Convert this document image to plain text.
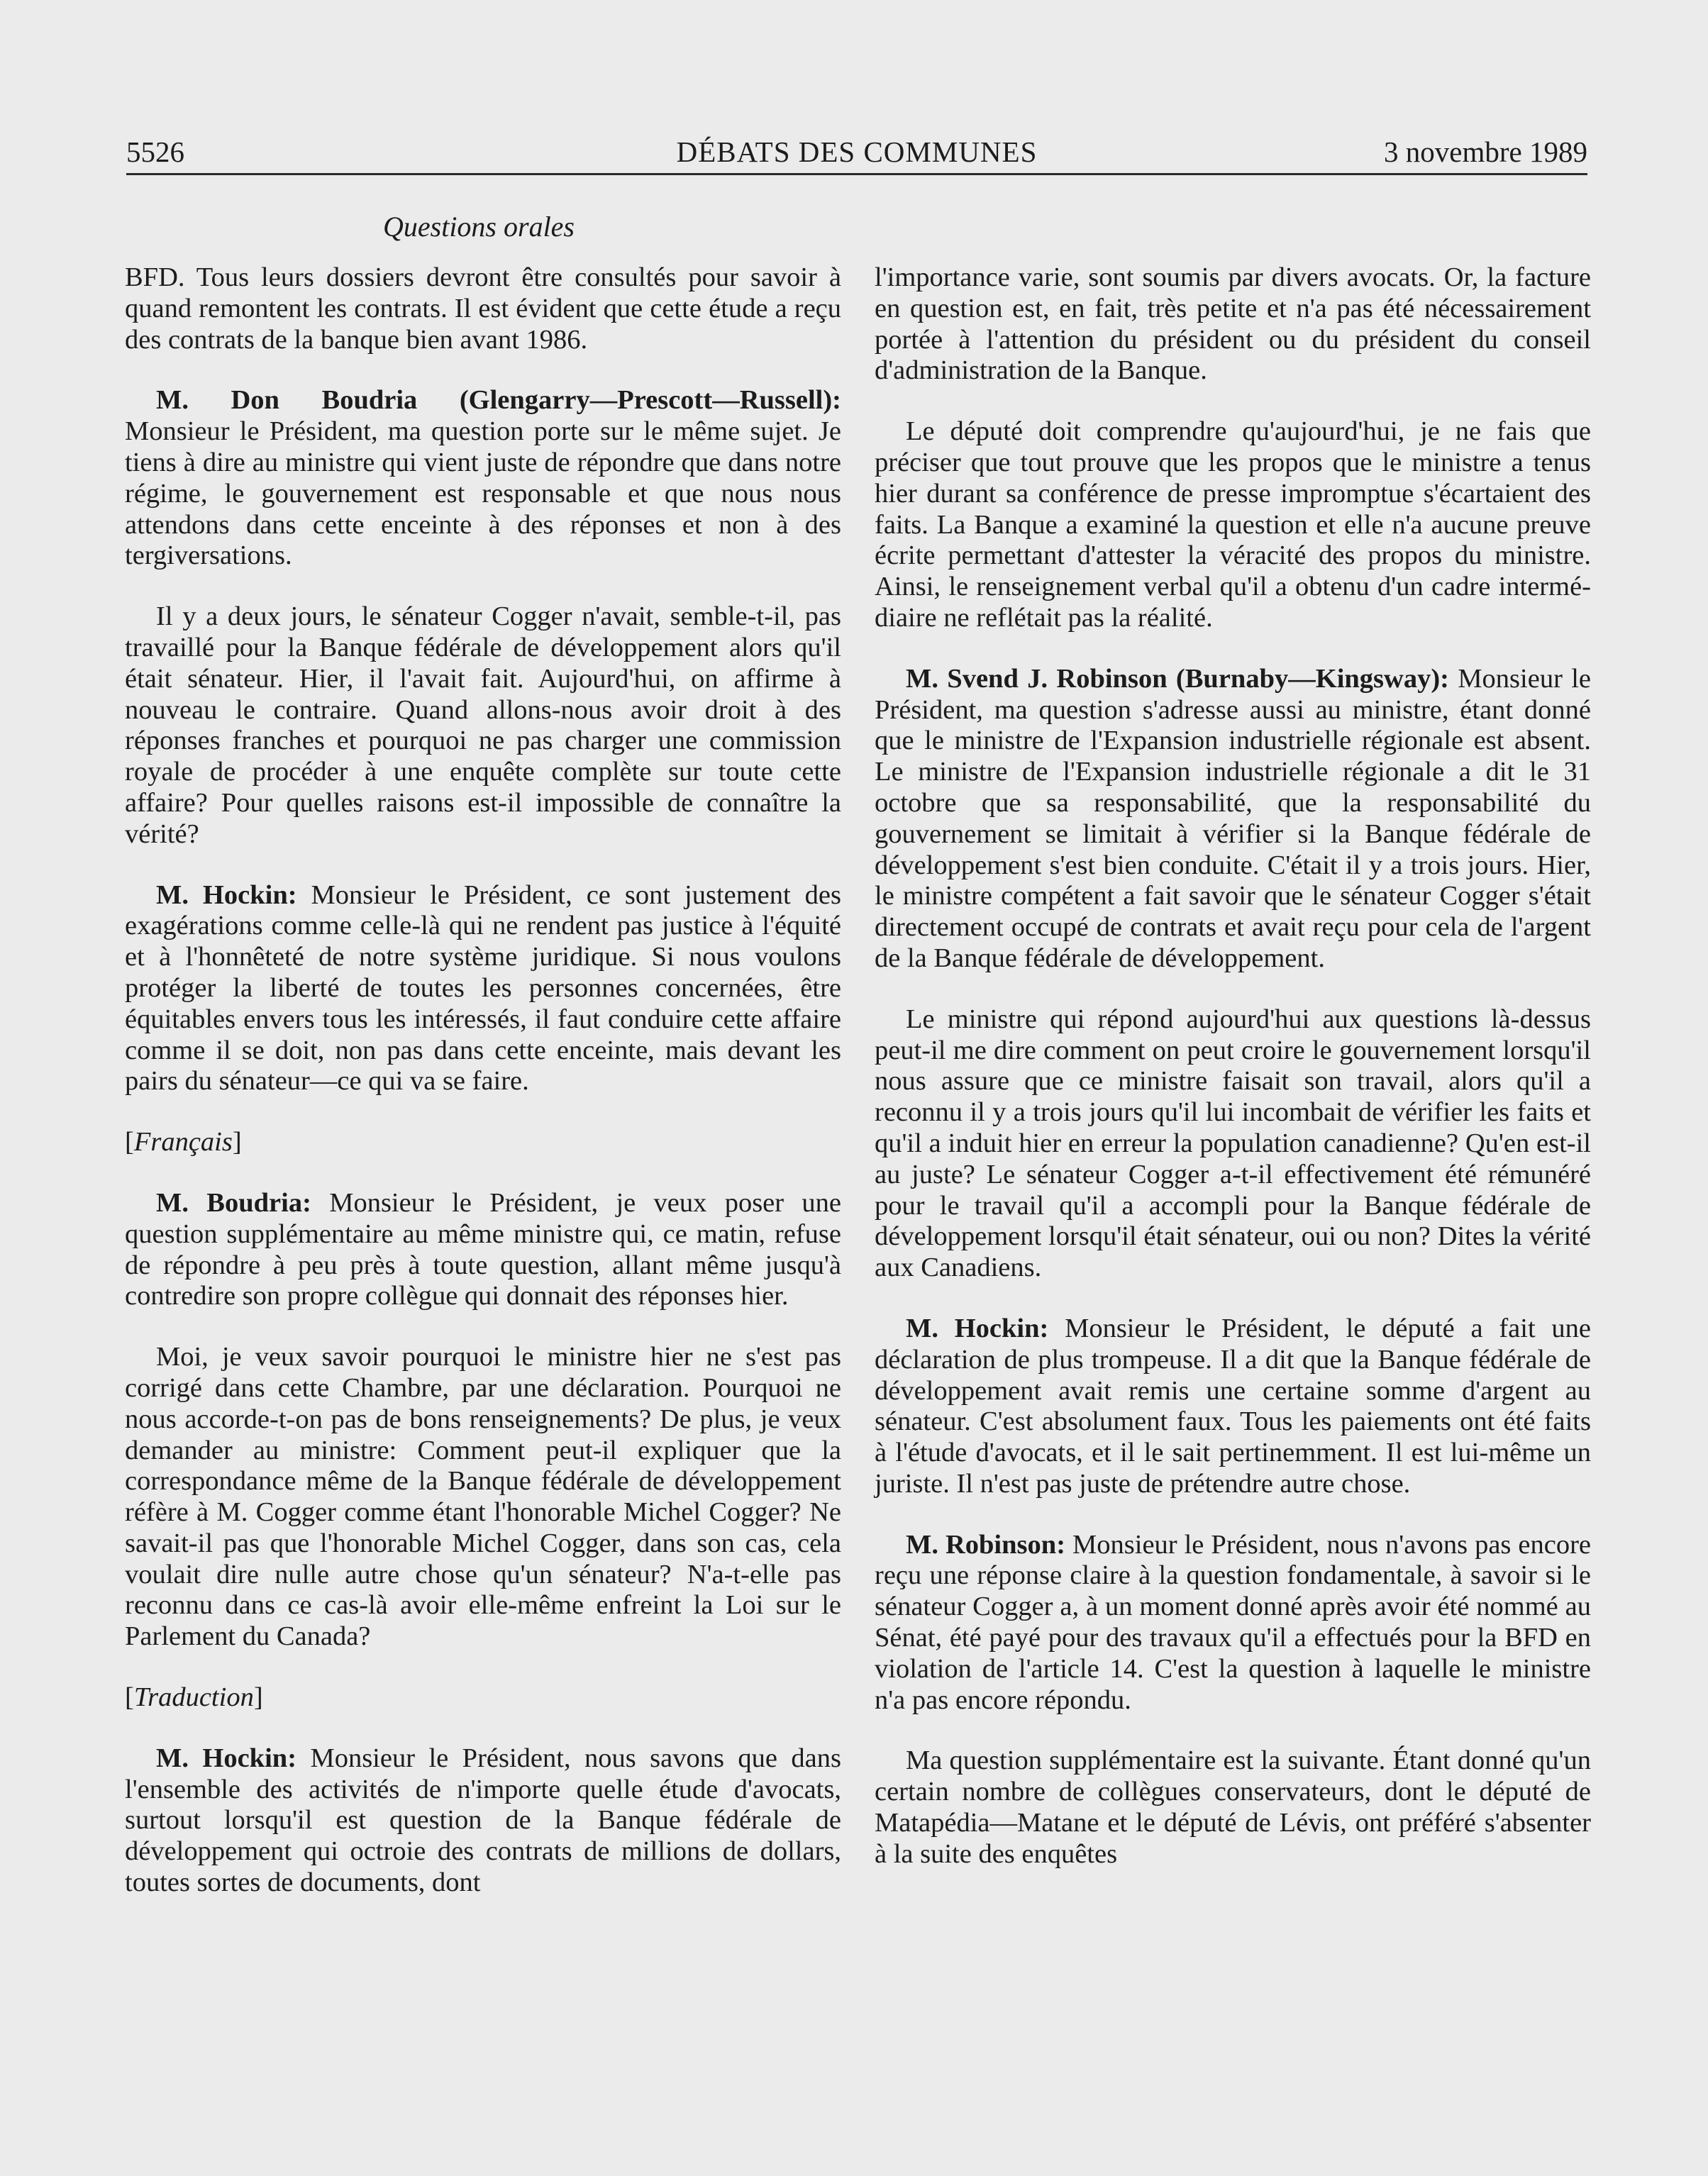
5526	DÉBATS DES COMMUNES	3 novembre 1989
Questions orales

BFD. Tous leurs dossiers devront être consultés pour savoir à quand remontent les contrats. Il est évident que cette étude a reçu des contrats de la banque bien avant 1986.

M. Don Boudria (Glengarry—Prescott—Russell): Monsieur le Président, ma question porte sur le même sujet. Je tiens à dire au ministre qui vient juste de répondre que dans notre régime, le gouvernement est responsable et que nous nous attendons dans cette enceinte à des réponses et non à des tergiversations.

Il y a deux jours, le sénateur Cogger n'avait, semble-t-il, pas travaillé pour la Banque fédérale de développement alors qu'il était sénateur. Hier, il l'avait fait. Aujourd'hui, on affirme à nouveau le contraire. Quand allons-nous avoir droit à des réponses franches et pourquoi ne pas charger une commission royale de procéder à une enquête complète sur toute cette affaire? Pour quelles raisons est-il impossible de connaître la vérité?

M. Hockin: Monsieur le Président, ce sont justement des exagérations comme celle-là qui ne rendent pas justice à l'équité et à l'honnêteté de notre système juridique. Si nous voulons protéger la liberté de toutes les personnes concernées, être équitables envers tous les intéressés, il faut conduire cette affaire comme il se doit, non pas dans cette enceinte, mais devant les pairs du sénateur—ce qui va se faire.

[Français]

M. Boudria: Monsieur le Président, je veux poser une question supplémentaire au même ministre qui, ce matin, refuse de répondre à peu près à toute question, allant même jusqu'à contredire son propre collègue qui donnait des réponses hier.

Moi, je veux savoir pourquoi le ministre hier ne s'est pas corrigé dans cette Chambre, par une déclaration. Pourquoi ne nous accorde-t-on pas de bons renseignements? De plus, je veux demander au ministre: Comment peut-il expliquer que la correspondance même de la Banque fédérale de développement réfère à M. Cogger comme étant l'honorable Michel Cogger? Ne savait-il pas que l'honorable Michel Cogger, dans son cas, cela voulait dire nulle autre chose qu'un sénateur? N'a-t-elle pas reconnu dans ce cas-là avoir elle-même enfreint la Loi sur le Parlement du Canada?

[Traduction]

M. Hockin: Monsieur le Président, nous savons que dans l'ensemble des activités de n'importe quelle étude d'avocats, surtout lorsqu'il est question de la Banque fédérale de développement qui octroie des contrats de millions de dollars, toutes sortes de documents, dont

l'importance varie, sont soumis par divers avocats. Or, la facture en question est, en fait, très petite et n'a pas été nécessairement portée à l'attention du président ou du président du conseil d'administration de la Banque.

Le député doit comprendre qu'aujourd'hui, je ne fais que préciser que tout prouve que les propos que le ministre a tenus hier durant sa conférence de presse impromptue s'écartaient des faits. La Banque a examiné la question et elle n'a aucune preuve écrite permettant d'attester la véracité des propos du ministre. Ainsi, le renseignement verbal qu'il a obtenu d'un cadre intermédiaire ne reflétait pas la réalité.

M. Svend J. Robinson (Burnaby—Kingsway): Monsieur le Président, ma question s'adresse aussi au ministre, étant donné que le ministre de l'Expansion industrielle régionale est absent. Le ministre de l'Expansion industrielle régionale a dit le 31 octobre que sa responsabilité, que la responsabilité du gouvernement se limitait à vérifier si la Banque fédérale de développement s'est bien conduite. C'était il y a trois jours. Hier, le ministre compétent a fait savoir que le sénateur Cogger s'était directement occupé de contrats et avait reçu pour cela de l'argent de la Banque fédérale de développement.

Le ministre qui répond aujourd'hui aux questions là-dessus peut-il me dire comment on peut croire le gouvernement lorsqu'il nous assure que ce ministre faisait son travail, alors qu'il a reconnu il y a trois jours qu'il lui incombait de vérifier les faits et qu'il a induit hier en erreur la population canadienne? Qu'en est-il au juste? Le sénateur Cogger a-t-il effectivement été rémunéré pour le travail qu'il a accompli pour la Banque fédérale de développement lorsqu'il était sénateur, oui ou non? Dites la vérité aux Canadiens.

M. Hockin: Monsieur le Président, le député a fait une déclaration de plus trompeuse. Il a dit que la Banque fédérale de développement avait remis une certaine somme d'argent au sénateur. C'est absolument faux. Tous les paiements ont été faits à l'étude d'avocats, et il le sait pertinemment. Il est lui-même un juriste. Il n'est pas juste de prétendre autre chose.

M. Robinson: Monsieur le Président, nous n'avons pas encore reçu une réponse claire à la question fondamentale, à savoir si le sénateur Cogger a, à un moment donné après avoir été nommé au Sénat, été payé pour des travaux qu'il a effectués pour la BFD en violation de l'article 14. C'est la question à laquelle le ministre n'a pas encore répondu.

Ma question supplémentaire est la suivante. Étant donné qu'un certain nombre de collègues conservateurs, dont le député de Matapédia—Matane et le député de Lévis, ont préféré s'absenter à la suite des enquêtes
